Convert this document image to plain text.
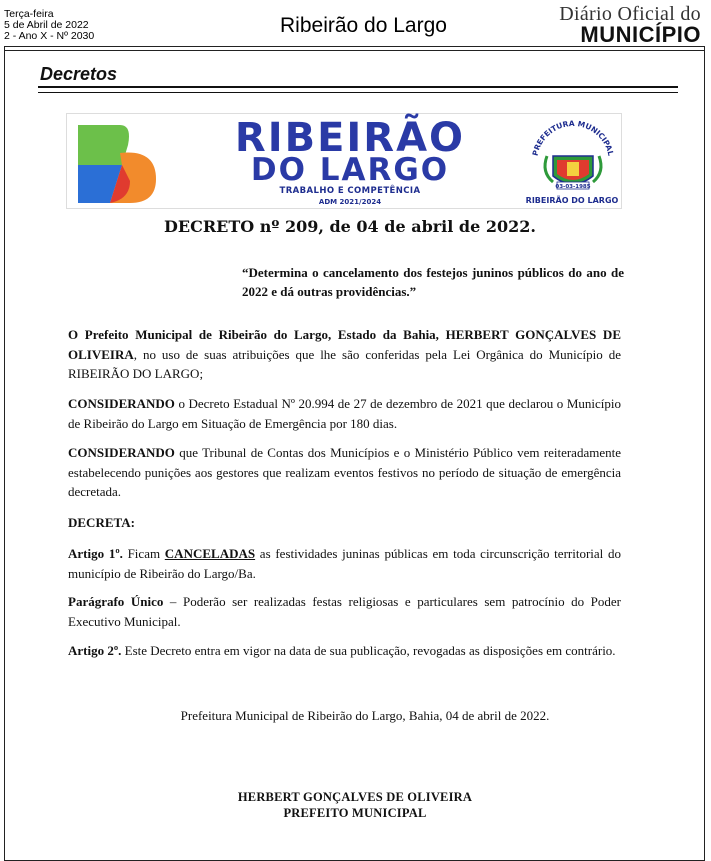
Terça-feira
5 de Abril de 2022
2 - Ano X - Nº 2030	Ribeirão do Largo	Diário Oficial do
MUNICÍPIO
Decretos
RIBEIRÃO
DO LARGO
TRABALHO E COMPETÊNCIA
ADM 2021/2024
PREFEITURA MUNICIPAL
03-03-1985
RIBEIRÃO DO LARGO
DECRETO nº 209, de 04 de abril de 2022.
“Determina o cancelamento dos festejos juninos públicos do ano de 2022 e dá outras providências.”
O Prefeito Municipal de Ribeirão do Largo, Estado da Bahia, HERBERT GONÇALVES DE OLIVEIRA, no uso de suas atribuições que lhe são conferidas pela Lei Orgânica do Município de RIBEIRÃO DO LARGO;
CONSIDERANDO o Decreto Estadual Nº 20.994 de 27 de dezembro de 2021 que declarou o Município de Ribeirão do Largo em Situação de Emergência por 180 dias.
CONSIDERANDO que Tribunal de Contas dos Municípios e o Ministério Público vem reiteradamente estabelecendo punições aos gestores que realizam eventos festivos no período de situação de emergência decretada.
DECRETA:
Artigo 1º. Ficam CANCELADAS as festividades juninas públicas em toda circunscrição territorial do município de Ribeirão do Largo/Ba.
Parágrafo Único – Poderão ser realizadas festas religiosas e particulares sem patrocínio do Poder Executivo Municipal.
Artigo 2º. Este Decreto entra em vigor na data de sua publicação, revogadas as disposições em contrário.
Prefeitura Municipal de Ribeirão do Largo, Bahia, 04 de abril de 2022.
HERBERT GONÇALVES DE OLIVEIRA
PREFEITO MUNICIPAL
